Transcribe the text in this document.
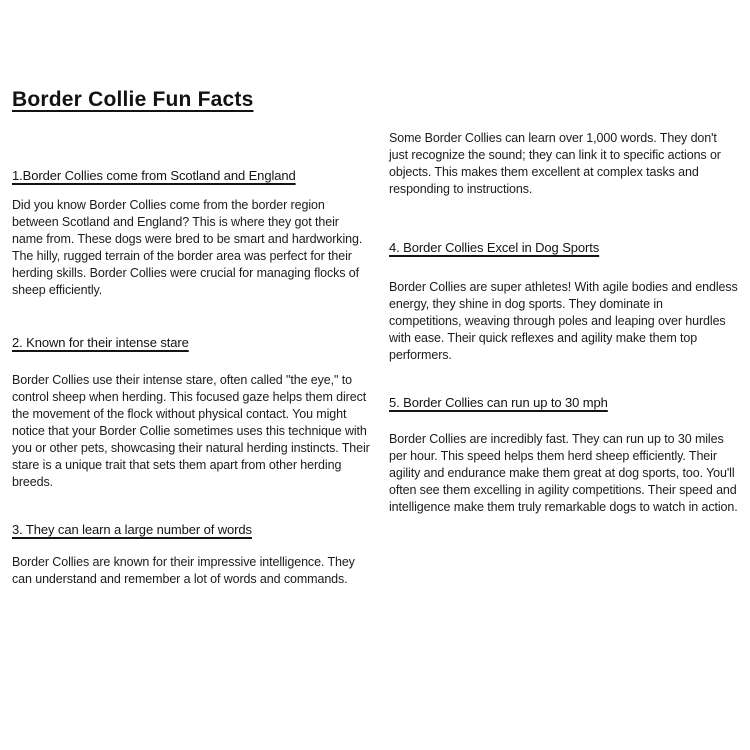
Border Collie Fun Facts
1.Border Collies come from Scotland and England

Did you know Border Collies come from the border region between Scotland and England? This is where they got their name from. These dogs were bred to be smart and hardworking. The hilly, rugged terrain of the border area was perfect for their herding skills. Border Collies were crucial for managing flocks of sheep efficiently.

2. Known for their intense stare

Border Collies use their intense stare, often called "the eye," to control sheep when herding. This focused gaze helps them direct the movement of the flock without physical contact. You might notice that your Border Collie sometimes uses this technique with you or other pets, showcasing their natural herding instincts. Their stare is a unique trait that sets them apart from other herding breeds.

3. They can learn a large number of words

Border Collies are known for their impressive intelligence. They can understand and remember a lot of words and commands.

Some Border Collies can learn over 1,000 words. They don't just recognize the sound; they can link it to specific actions or objects. This makes them excellent at complex tasks and responding to instructions.

4. Border Collies Excel in Dog Sports

Border Collies are super athletes! With agile bodies and endless energy, they shine in dog sports. They dominate in competitions, weaving through poles and leaping over hurdles with ease. Their quick reflexes and agility make them top performers.

5. Border Collies can run up to 30 mph

Border Collies are incredibly fast. They can run up to 30 miles per hour. This speed helps them herd sheep efficiently. Their agility and endurance make them great at dog sports, too. You'll often see them excelling in agility competitions. Their speed and intelligence make them truly remarkable dogs to watch in action.
